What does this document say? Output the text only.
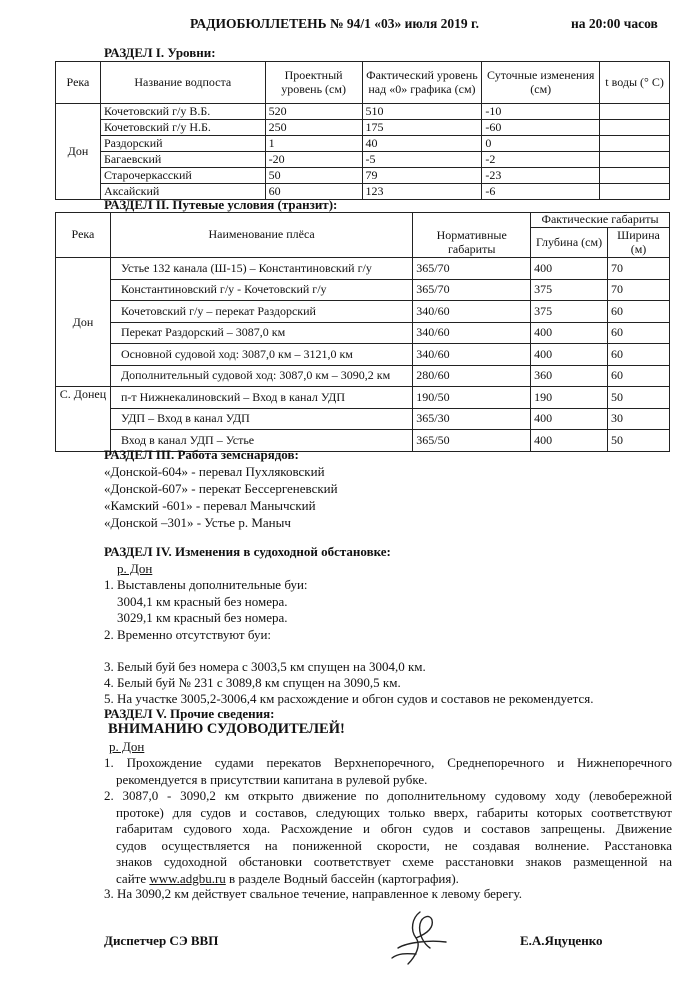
РАДИОБЮЛЛЕТЕНЬ № 94/1 «03» июля 2019 г.	на 20:00 часов
РАЗДЕЛ I. Уровни:
Река	Название водпоста	Проектный уровень (см)	Фактический уровень над «0» графика (см)	Суточные изменения (см)	t воды (° С)
Дон	Кочетовский г/у В.Б.	520	510	-10	
	Кочетовский г/у Н.Б.	250	175	-60	
	Раздорский	1	40	0	
	Багаевский	-20	-5	-2	
	Старочеркасский	50	79	-23	
	Аксайский	60	123	-6	
РАЗДЕЛ II. Путевые условия (транзит):
Река	Наименование плёса	Нормативные габариты	Фактические габариты	
			Глубина (см)	Ширина (м)
Дон	Устье 132 канала (Ш-15) – Константиновский г/у	365/70	400	70
	Константиновский г/у - Кочетовский г/у	365/70	375	70
	Кочетовский г/у – перекат Раздорский	340/60	375	60
	Перекат Раздорский – 3087,0 км	340/60	400	60
	Основной судовой ход: 3087,0 км – 3121,0 км	340/60	400	60
	Дополнительный судовой ход: 3087,0 км – 3090,2 км	280/60	360	60
С. Донец	п-т Нижнекалиновский – Вход в канал УДП	190/50	190	50
	УДП – Вход в канал УДП	365/30	400	30
	Вход в канал УДП – Устье	365/50	400	50
РАЗДЕЛ III. Работа земснарядов:
«Донской-604» - перевал Пухляковский
«Донской-607» - перекат Бессергеневский
«Камский -601» - перевал Манычский
«Донской –301» - Устье р. Маныч
РАЗДЕЛ IV. Изменения в судоходной обстановке:
р. Дон
1. Выставлены дополнительные буи:
3004,1 км красный без номера.
3029,1 км красный без номера.
2. Временно отсутствуют буи:
3. Белый буй без номера с 3003,5 км спущен на 3004,0 км.
4. Белый буй № 231 с 3089,8 км спущен на 3090,5 км.
5. На участке 3005,2-3006,4 км расхождение и обгон судов и составов не рекомендуется.
РАЗДЕЛ V. Прочие сведения:
ВНИМАНИЮ СУДОВОДИТЕЛЕЙ!
р. Дон
1. Прохождение судами перекатов Верхнепоречного, Среднепоречного и Нижнепоречного
рекомендуется в присутствии капитана в рулевой рубке.
2. 3087,0 - 3090,2 км открыто движение по дополнительному судовому ходу (левобережной
протоке) для судов и составов, следующих только вверх, габариты которых соответствуют
габаритам судового хода. Расхождение и обгон судов и составов запрещены. Движение
судов осуществляется на пониженной скорости, не создавая волнение. Расстановка
знаков судоходной обстановки соответствует схеме расстановки знаков размещенной на
сайте www.adgbu.ru в разделе Водный бассейн (картография).
3. На 3090,2 км действует свальное течение, направленное к левому берегу.
Диспетчер СЭ ВВП	Е.А.Яцуценко
